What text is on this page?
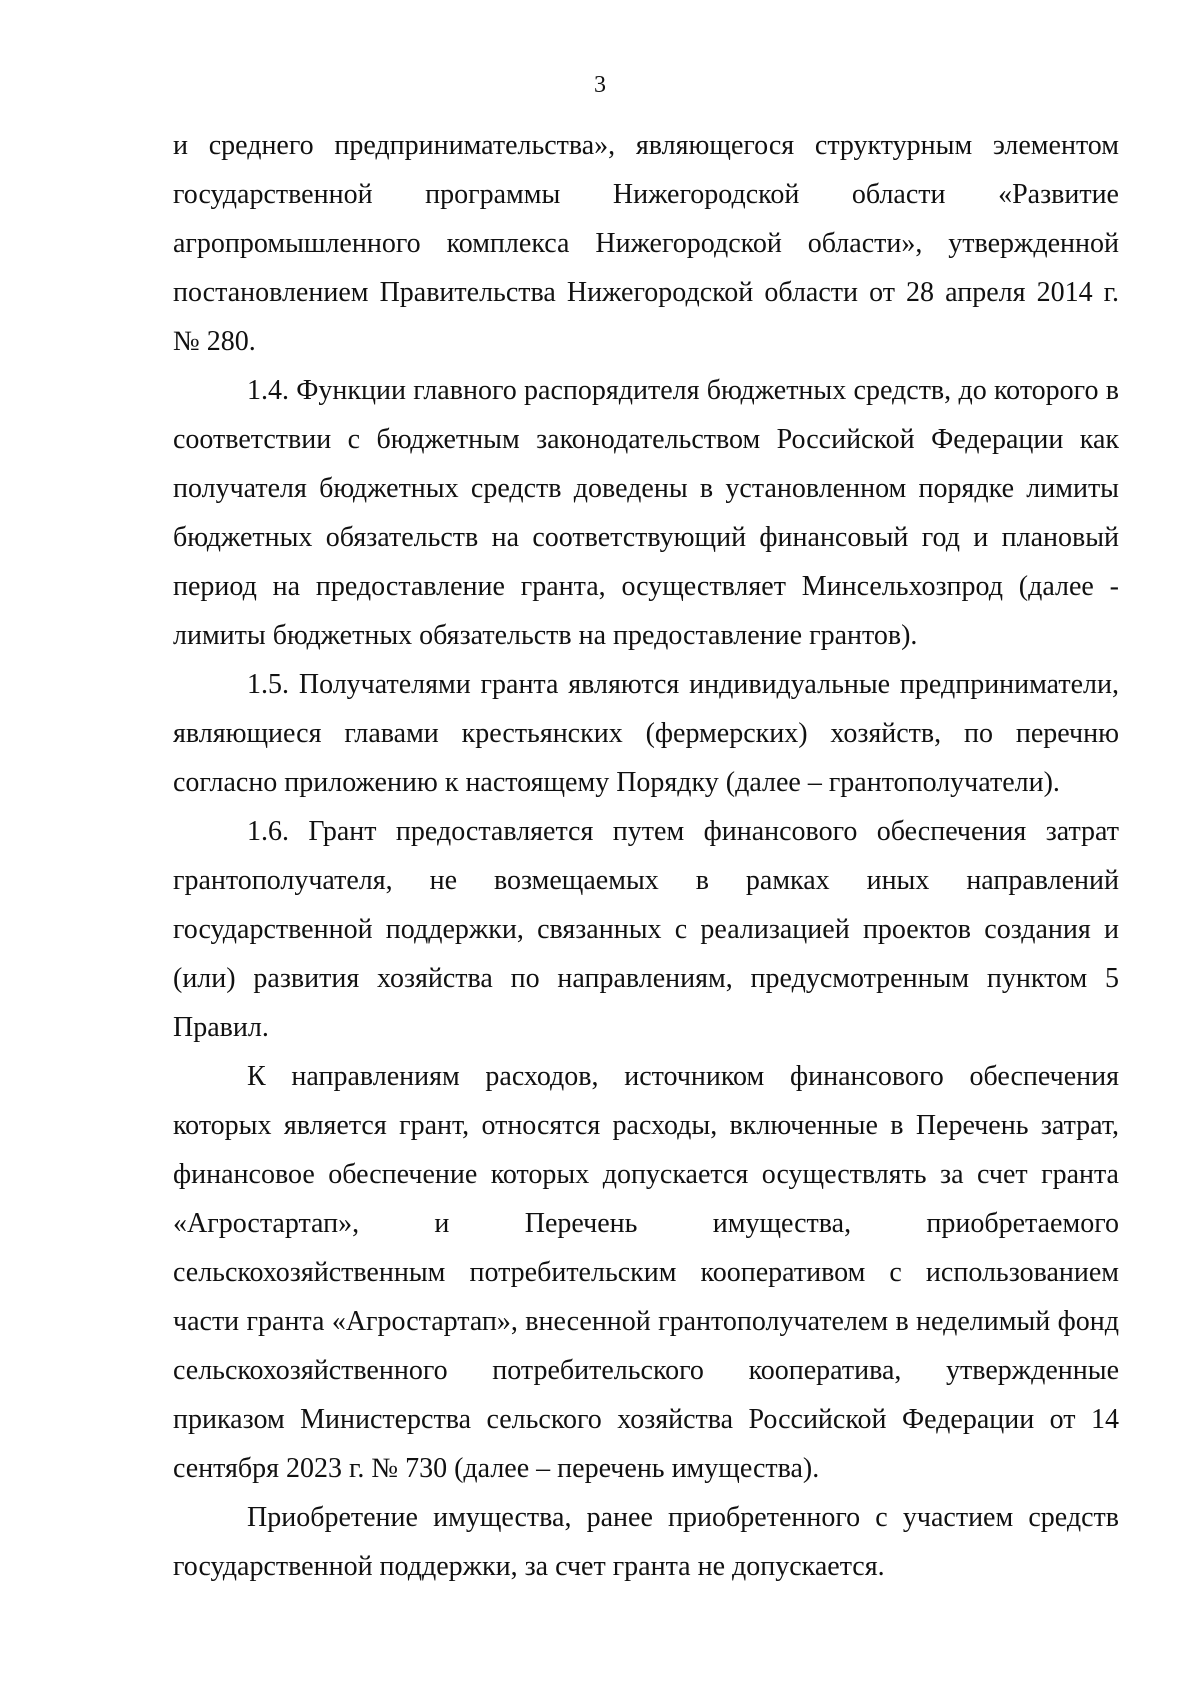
3

и среднего предпринимательства», являющегося структурным элементом государственной программы Нижегородской области «Развитие агропромышленного комплекса Нижегородской области», утвержденной постановлением Правительства Нижегородской области от 28 апреля 2014 г. № 280.

1.4. Функции главного распорядителя бюджетных средств, до которого в соответствии с бюджетным законодательством Российской Федерации как получателя бюджетных средств доведены в установленном порядке лимиты бюджетных обязательств на соответствующий финансовый год и плановый период на предоставление гранта, осуществляет Минсельхозпрод (далее - лимиты бюджетных обязательств на предоставление грантов).

1.5. Получателями гранта являются индивидуальные предприниматели, являющиеся главами крестьянских (фермерских) хозяйств, по перечню согласно приложению к настоящему Порядку (далее – грантополучатели).

1.6. Грант предоставляется путем финансового обеспечения затрат грантополучателя, не возмещаемых в рамках иных направлений государственной поддержки, связанных с реализацией проектов создания и (или) развития хозяйства по направлениям, предусмотренным пунктом 5 Правил.

К направлениям расходов, источником финансового обеспечения которых является грант, относятся расходы, включенные в Перечень затрат, финансовое обеспечение которых допускается осуществлять за счет гранта «Агростартап», и Перечень имущества, приобретаемого сельскохозяйственным потребительским кооперативом с использованием части гранта «Агростартап», внесенной грантополучателем в неделимый фонд сельскохозяйственного потребительского кооператива, утвержденные приказом Министерства сельского хозяйства Российской Федерации от 14 сентября 2023 г. № 730 (далее – перечень имущества).

Приобретение имущества, ранее приобретенного с участием средств государственной поддержки, за счет гранта не допускается.
